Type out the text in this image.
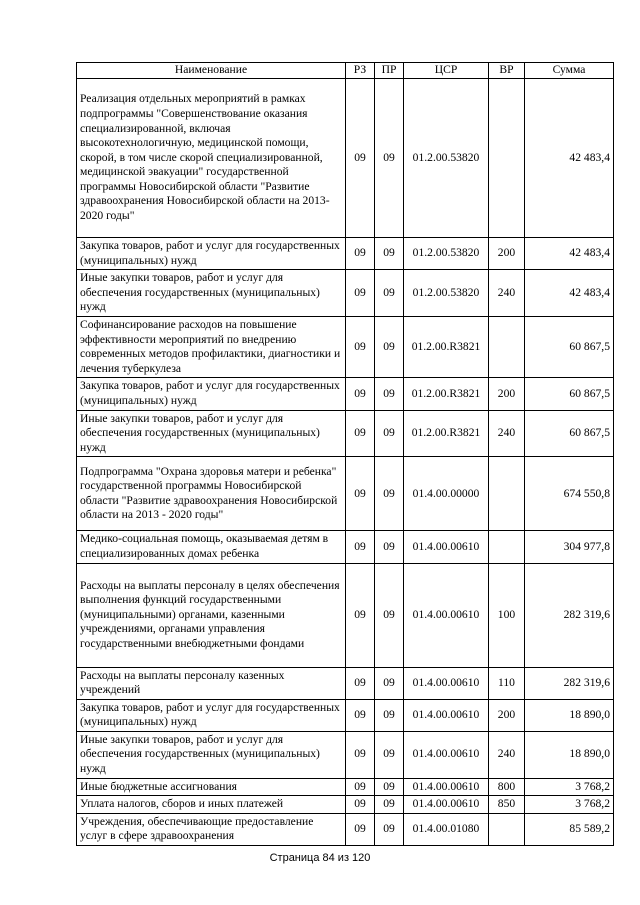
Наименование	РЗ	ПР	ЦСР	ВР	Сумма
Реализация отдельных мероприятий в рамках подпрограммы "Совершенствование оказания специализированной, включая высокотехнологичную, медицинской помощи, скорой, в том числе скорой специализированной, медицинской эвакуации" государственной программы Новосибирской области "Развитие здравоохранения Новосибирской области на 2013-2020 годы"	09	09	01.2.00.53820		42 483,4
Закупка товаров, работ и услуг для государственных (муниципальных) нужд	09	09	01.2.00.53820	200	42 483,4
Иные закупки товаров, работ и услуг для обеспечения государственных (муниципальных) нужд	09	09	01.2.00.53820	240	42 483,4
Софинансирование расходов на повышение эффективности мероприятий по внедрению современных методов профилактики, диагностики и лечения туберкулеза	09	09	01.2.00.R3821		60 867,5
Закупка товаров, работ и услуг для государственных (муниципальных) нужд	09	09	01.2.00.R3821	200	60 867,5
Иные закупки товаров, работ и услуг для обеспечения государственных (муниципальных) нужд	09	09	01.2.00.R3821	240	60 867,5
Подпрограмма "Охрана здоровья матери и ребенка" государственной программы Новосибирской области "Развитие здравоохранения Новосибирской области на 2013 - 2020 годы"	09	09	01.4.00.00000		674 550,8
Медико-социальная помощь, оказываемая детям в специализированных домах ребенка	09	09	01.4.00.00610		304 977,8
Расходы на выплаты персоналу в целях обеспечения выполнения функций государственными (муниципальными) органами, казенными учреждениями, органами управления государственными внебюджетными фондами	09	09	01.4.00.00610	100	282 319,6
Расходы на выплаты персоналу казенных учреждений	09	09	01.4.00.00610	110	282 319,6
Закупка товаров, работ и услуг для государственных (муниципальных) нужд	09	09	01.4.00.00610	200	18 890,0
Иные закупки товаров, работ и услуг для обеспечения государственных (муниципальных) нужд	09	09	01.4.00.00610	240	18 890,0
Иные бюджетные ассигнования	09	09	01.4.00.00610	800	3 768,2
Уплата налогов, сборов и иных платежей	09	09	01.4.00.00610	850	3 768,2
Учреждения, обеспечивающие предоставление услуг в сфере здравоохранения	09	09	01.4.00.01080		85 589,2
Страница 84 из 120
